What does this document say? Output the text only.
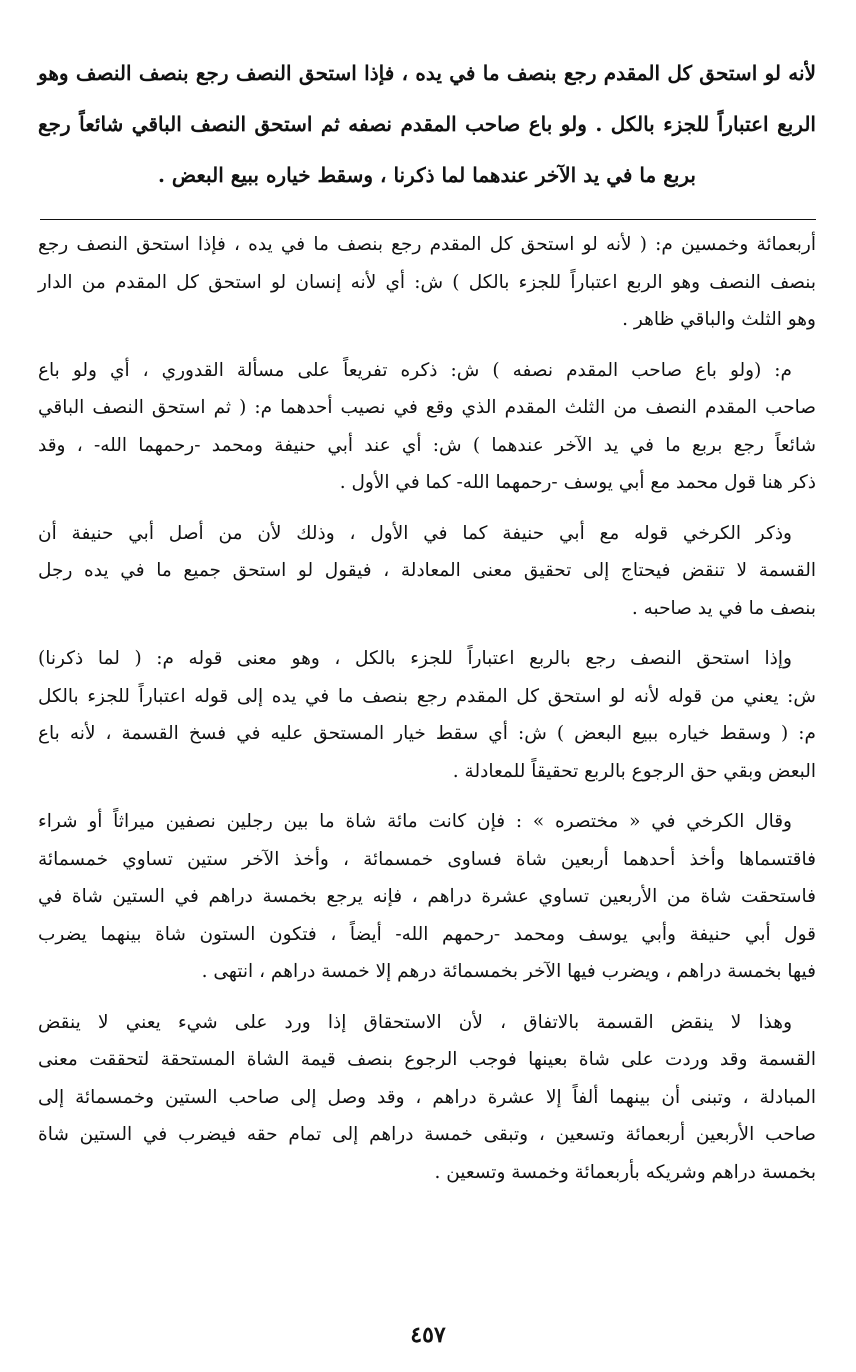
لأنه لو استحق كل المقدم رجع بنصف ما في يده ، فإذا استحق النصف رجع بنصف النصف وهو
الربع اعتباراً للجزء بالكل . ولو باع صاحب المقدم نصفه ثم استحق النصف الباقي شائعاً رجع
بربع ما في يد الآخر عندهما لما ذكرنا ، وسقط خياره ببيع البعض .
أربعمائة وخمسين م: ( لأنه لو استحق كل المقدم رجع بنصف ما في يده ، فإذا استحق النصف رجع
بنصف النصف وهو الربع اعتباراً للجزء بالكل ) ش: أي لأنه إنسان لو استحق كل المقدم من الدار
وهو الثلث والباقي ظاهر .
م: (ولو باع صاحب المقدم نصفه ) ش: ذكره تفريعاً على مسألة القدوري ، أي ولو باع
صاحب المقدم النصف من الثلث المقدم الذي وقع في نصيب أحدهما م: ( ثم استحق النصف الباقي
شائعاً رجع بربع ما في يد الآخر عندهما ) ش: أي عند أبي حنيفة ومحمد -رحمهما الله- ، وقد
ذكر هنا قول محمد مع أبي يوسف -رحمهما الله- كما في الأول .
وذكر الكرخي قوله مع أبي حنيفة كما في الأول ، وذلك لأن من أصل أبي حنيفة أن
القسمة لا تنقض فيحتاج إلى تحقيق معنى المعادلة ، فيقول لو استحق جميع ما في يده رجل
بنصف ما في يد صاحبه .
وإذا استحق النصف رجع بالربع اعتباراً للجزء بالكل ، وهو معنى قوله م: ( لما ذكرنا)
ش: يعني من قوله لأنه لو استحق كل المقدم رجع بنصف ما في يده إلى قوله اعتباراً للجزء بالكل
م: ( وسقط خياره ببيع البعض ) ش: أي سقط خيار المستحق عليه في فسخ القسمة ، لأنه باع
البعض وبقي حق الرجوع بالربع تحقيقاً للمعادلة .
وقال الكرخي في « مختصره » : فإن كانت مائة شاة ما بين رجلين نصفين ميراثاً أو شراء
فاقتسماها وأخذ أحدهما أربعين شاة فساوى خمسمائة ، وأخذ الآخر ستين تساوي خمسمائة
فاستحقت شاة من الأربعين تساوي عشرة دراهم ، فإنه يرجع بخمسة دراهم في الستين شاة في
قول أبي حنيفة وأبي يوسف ومحمد -رحمهم الله- أيضاً ، فتكون الستون شاة بينهما يضرب
فيها بخمسة دراهم ، ويضرب فيها الآخر بخمسمائة درهم إلا خمسة دراهم ، انتهى .
وهذا لا ينقض القسمة بالاتفاق ، لأن الاستحقاق إذا ورد على شيء يعني لا ينقض
القسمة وقد وردت على شاة بعينها فوجب الرجوع بنصف قيمة الشاة المستحقة لتحققت معنى
المبادلة ، وتبنى أن بينهما ألفاً إلا عشرة دراهم ، وقد وصل إلى صاحب الستين وخمسمائة إلى
صاحب الأربعين أربعمائة وتسعين ، وتبقى خمسة دراهم إلى تمام حقه فيضرب في الستين شاة
بخمسة دراهم وشريكه بأربعمائة وخمسة وتسعين .
٤٥٧
